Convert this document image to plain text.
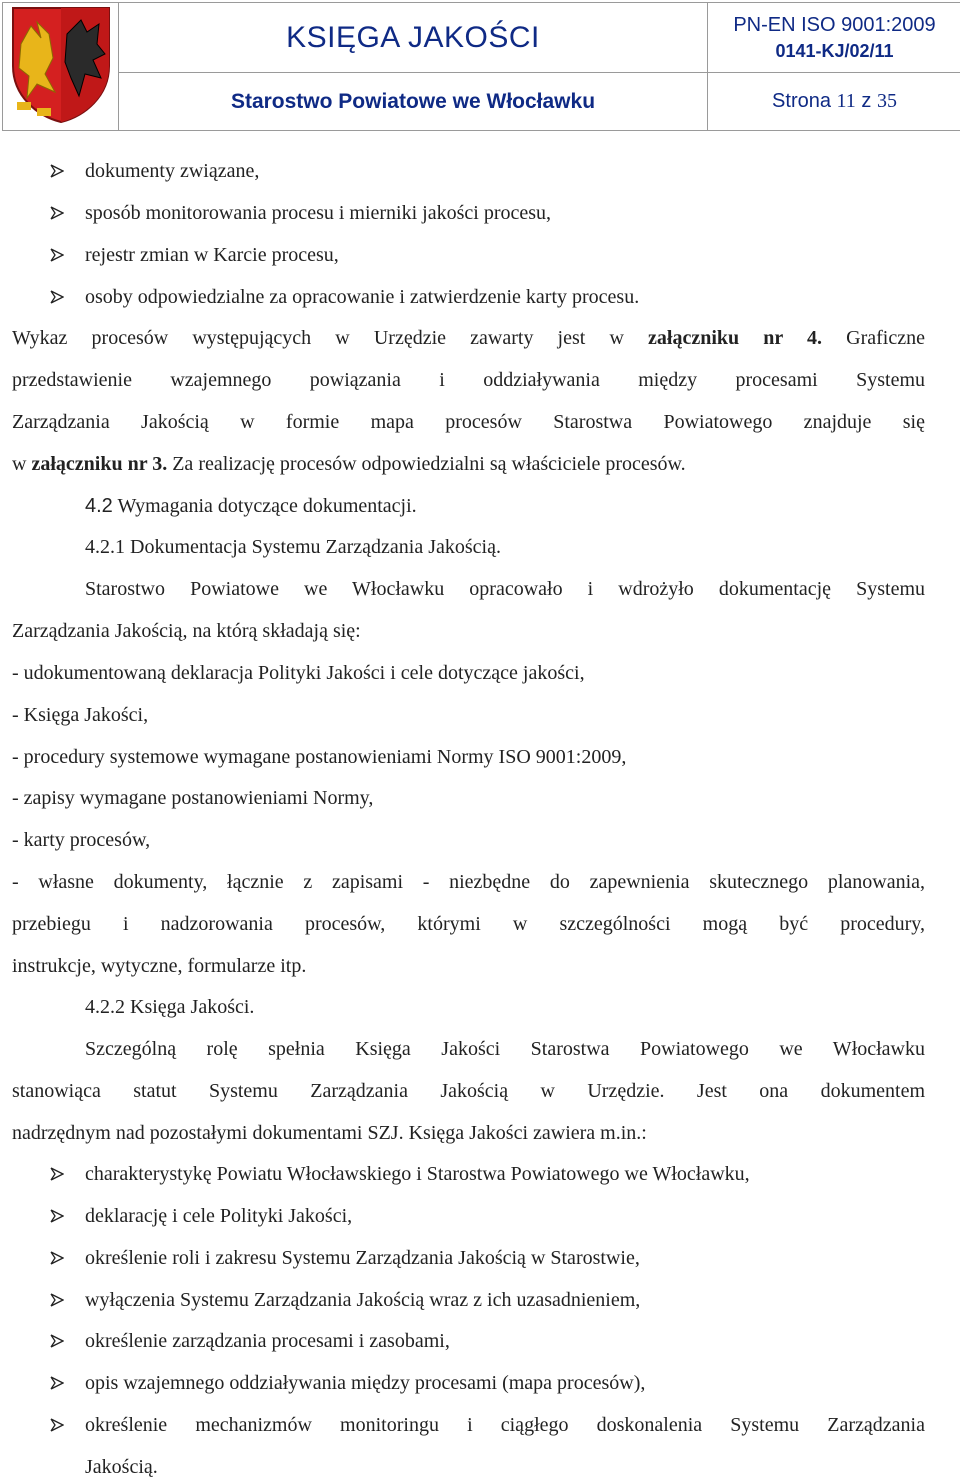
	KSIĘGA JAKOŚCI	PN-EN ISO 9001:2009
0141-KJ/02/11

	Starostwo Powiatowe we Włocławku	Strona 11 z 35
dokumenty związane,
sposób monitorowania procesu i mierniki jakości procesu,
rejestr zmian w Karcie procesu,
osoby odpowiedzialne za opracowanie i zatwierdzenie karty procesu.
Wykaz procesów występujących w Urzędzie zawarty jest w załączniku nr 4. Graficzne
przedstawienie wzajemnego powiązania i oddziaływania między procesami Systemu
Zarządzania Jakością w formie mapa procesów Starostwa Powiatowego znajduje się
w załączniku nr 3. Za realizację procesów odpowiedzialni są właściciele procesów.
4.2 Wymagania dotyczące dokumentacji.
4.2.1 Dokumentacja Systemu Zarządzania Jakością.
Starostwo Powiatowe we Włocławku opracowało i wdrożyło dokumentację Systemu
Zarządzania Jakością, na którą składają się:
- udokumentowaną deklaracja Polityki Jakości i cele dotyczące jakości,
- Księga Jakości,
- procedury systemowe wymagane postanowieniami Normy ISO 9001:2009,
- zapisy wymagane postanowieniami Normy,
- karty procesów,
- własne dokumenty, łącznie z zapisami - niezbędne do zapewnienia skutecznego planowania,
przebiegu i nadzorowania procesów, którymi w szczególności mogą być procedury,
instrukcje, wytyczne, formularze itp.
4.2.2 Księga Jakości.
Szczególną rolę spełnia Księga Jakości Starostwa Powiatowego we Włocławku
stanowiąca statut Systemu Zarządzania Jakością w Urzędzie. Jest ona dokumentem
nadrzędnym nad pozostałymi dokumentami SZJ. Księga Jakości zawiera m.in.:
charakterystykę Powiatu Włocławskiego i Starostwa Powiatowego we Włocławku,
deklarację i cele Polityki Jakości,
określenie roli i zakresu Systemu Zarządzania Jakością w Starostwie,
wyłączenia Systemu Zarządzania Jakością wraz z ich uzasadnieniem,
określenie zarządzania procesami i zasobami,
opis wzajemnego oddziaływania między procesami (mapa procesów),
określenie mechanizmów monitoringu i ciągłego doskonalenia Systemu Zarządzania
Jakością.
